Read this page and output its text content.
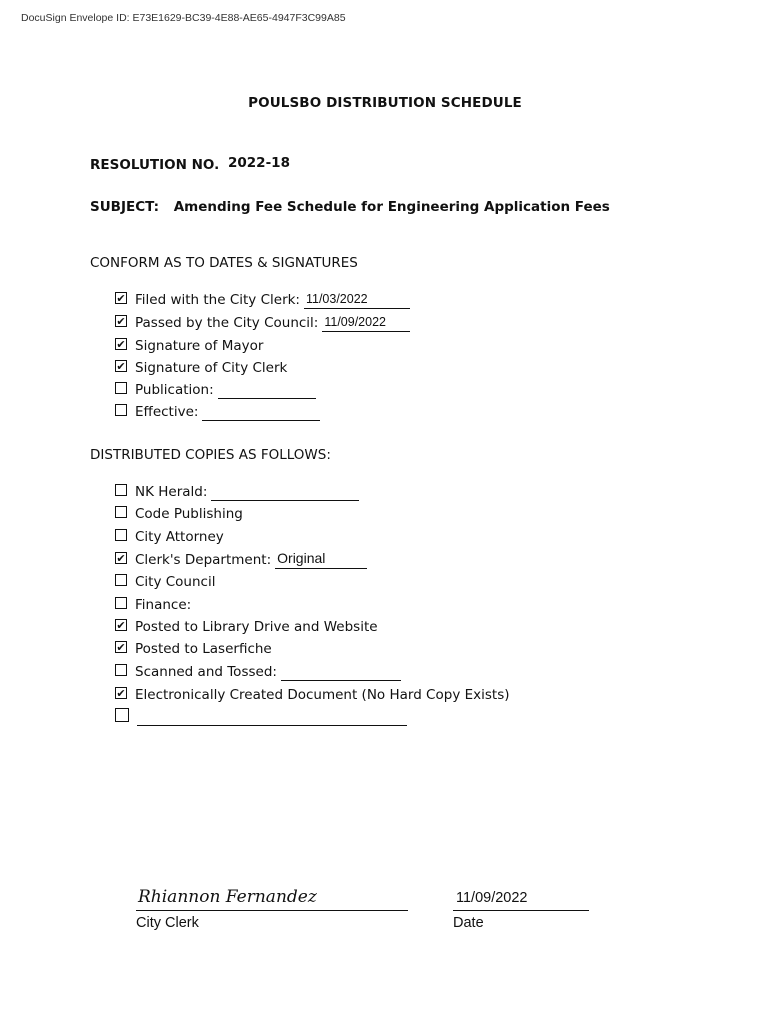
DocuSign Envelope ID: E73E1629-BC39-4E88-AE65-4947F3C99A85
POULSBO DISTRIBUTION SCHEDULE
RESOLUTION NO. 2022-18
SUBJECT: Amending Fee Schedule for Engineering Application Fees
CONFORM AS TO DATES & SIGNATURES
✔ Filed with the City Clerk: 11/03/2022
✔ Passed by the City Council: 11/09/2022
✔ Signature of Mayor
✔ Signature of City Clerk
Publication:
Effective:
DISTRIBUTED COPIES AS FOLLOWS:
NK Herald:
Code Publishing
City Attorney
✔ Clerk's Department: Original
City Council
Finance:
✔ Posted to Library Drive and Website
✔ Posted to Laserfiche
Scanned and Tossed:
✔ Electronically Created Document (No Hard Copy Exists)
Rhiannon Fernandez
City Clerk
11/09/2022
Date
